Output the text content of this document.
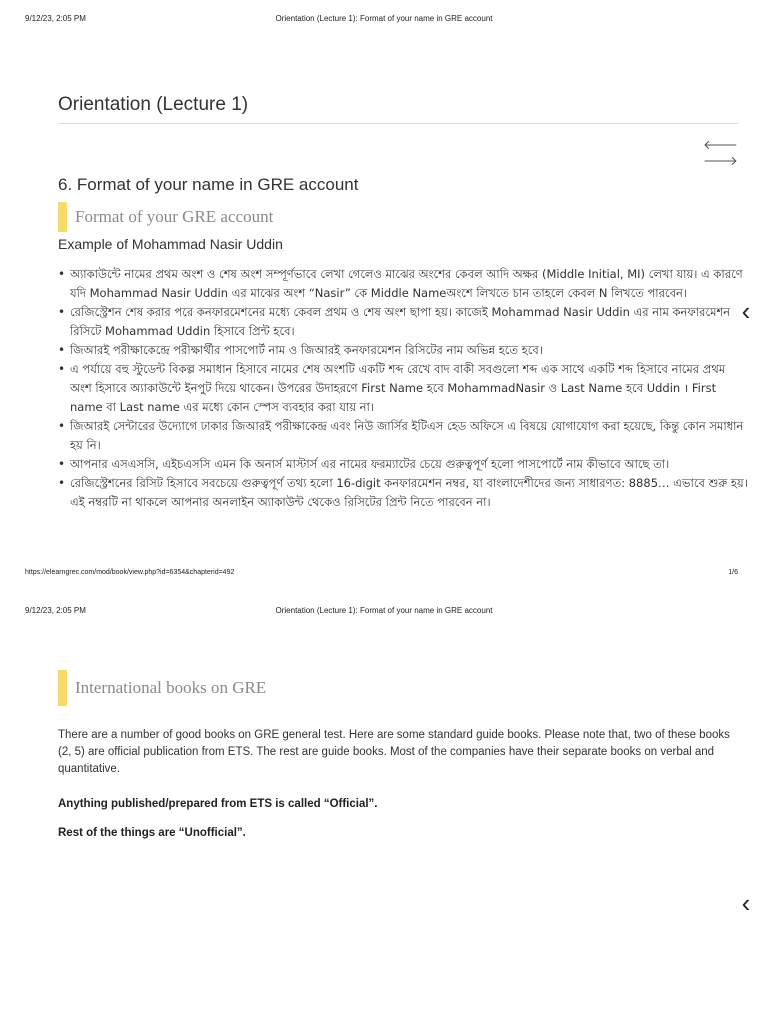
9/12/23, 2:05 PM	Orientation (Lecture 1): Format of your name in GRE account
Orientation (Lecture 1)
🡐 🡒
6. Format of your name in GRE account
Format of your GRE account
Example of Mohammad Nasir Uddin
• অ্যাকাউন্টে নামের প্রথম অংশ ও শেষ অংশ সম্পূর্ণভাবে লেখা গেলেও মাঝের অংশের কেবল আদি অক্ষর (Middle Initial, MI) লেখা যায়। এ কারণে যদি Mohammad Nasir Uddin এর মাঝের অংশ “Nasir” কে Middle Nameঅংশে লিখতে চান তাহলে কেবল N লিখতে পারবেন।
• রেজিস্ট্রেশন শেষ করার পরে কনফারমেশনের মধ্যে কেবল প্রথম ও শেষ অংশ ছাপা হয়। কাজেই Mohammad Nasir Uddin এর নাম কনফারমেশন রিসিটে Mohammad Uddin হিসাবে প্রিন্ট হবে।
• জিআরই পরীক্ষাকেন্দ্রে পরীক্ষার্থীর পাসপোর্ট নাম ও জিআরই কনফারমেশন রিসিটের নাম অভিন্ন হতে হবে।
• এ পর্যায়ে বহু স্টুডেন্ট বিকল্প সমাধান হিসাবে নামের শেষ অংশটি একটি শব্দ রেখে বাদ বাকী সবগুলো শব্দ এক সাথে একটি শব্দ হিসাবে নামের প্রথম অংশ হিসাবে অ্যাকাউন্টে ইনপুট দিয়ে থাকেন। উপরের উদাহরণে First Name হবে MohammadNasir ও Last Name হবে Uddin । First name বা Last name এর মধ্যে কোন স্পেস ব্যবহার করা যায় না।
• জিআরই সেন্টারের উদ্যোগে ঢাকার জিআরই পরীক্ষাকেন্দ্র এবং নিউ জার্সির ইটিএস হেড অফিসে এ বিষয়ে যোগাযোগ করা হয়েছে, কিন্তু কোন সমাধান হয় নি।
• আপনার এসএসসি, এইচএসসি এমন কি অনার্স মাস্টার্স এর নামের ফরম্যাটের চেয়ে গুরুত্বপূর্ণ হলো পাসপোর্টে নাম কীভাবে আছে তা।
• রেজিস্ট্রেশনের রিসিট হিসাবে সবচেয়ে গুরুত্বপূর্ণ তথ্য হলো 16-digit কনফারমেশন নম্বর, যা বাংলাদেশীদের জন্য সাধারণত: 8885… এভাবে শুরু হয়। এই নম্বরটি না থাকলে আপনার অনলাইন অ্যাকাউন্ট থেকেও রিসিটের প্রিন্ট নিতে পারবেন না।
‹
https://elearngrec.com/mod/book/view.php?id=6354&chapterid=492	1/6
9/12/23, 2:05 PM	Orientation (Lecture 1): Format of your name in GRE account
International books on GRE
There are a number of good books on GRE general test. Here are some standard guide books. Please note that, two of these books (2, 5) are official publication from ETS. The rest are guide books. Most of the companies have their separate books on verbal and quantitative.
Anything published/prepared from ETS is called “Official”.
Rest of the things are “Unofficial”.
‹
